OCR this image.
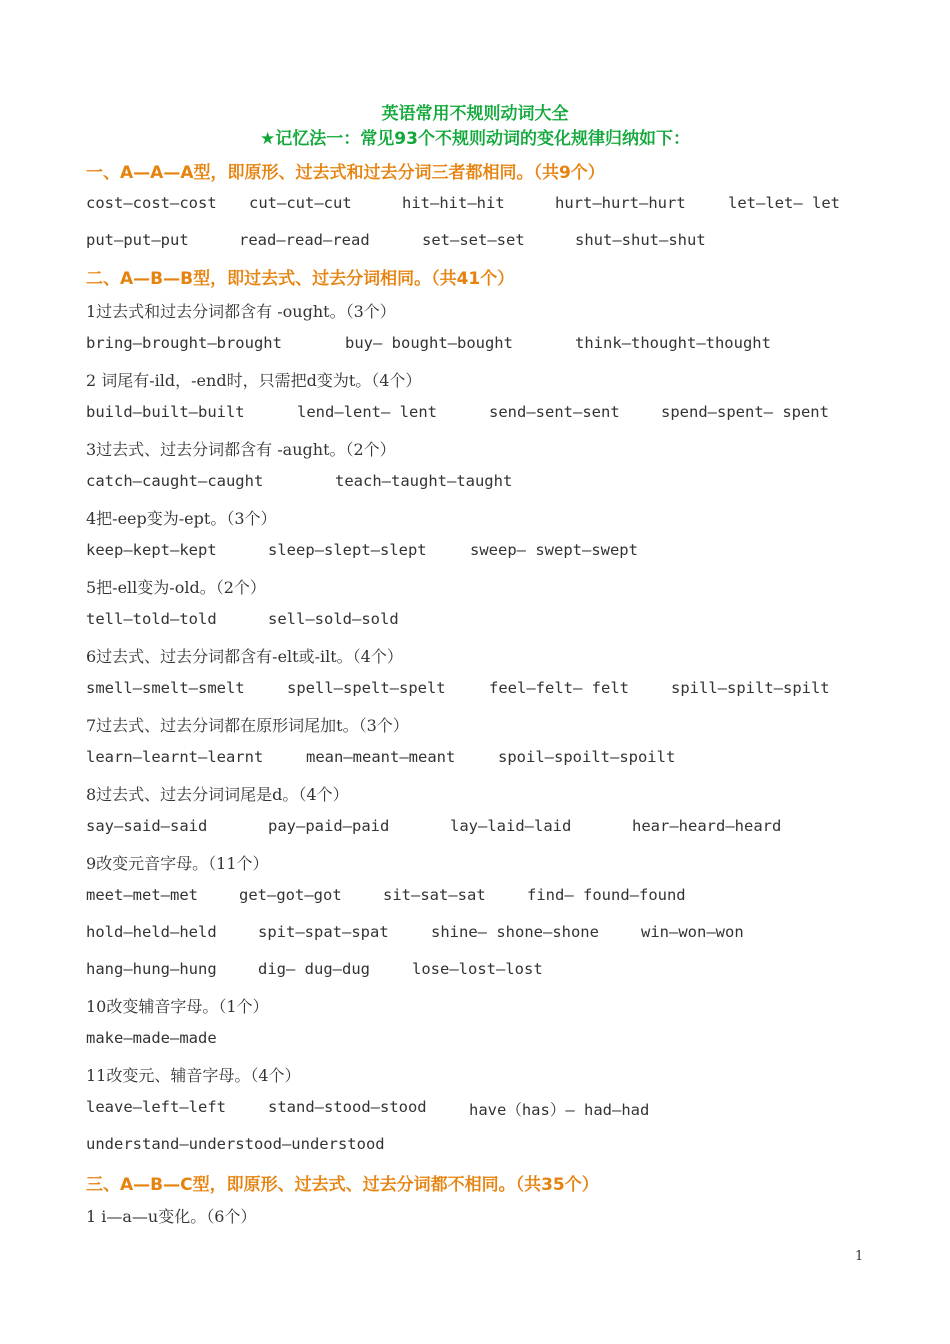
英语常用不规则动词大全
★记忆法一：常见93个不规则动词的变化规律归纳如下：
一、A—A—A型，即原形、过去式和过去分词三者都相同。（共9个）
cost—cost—cost cut—cut—cut	hit—hit—hit	hurt—hurt—hurt	let—let— let
put—put—put	read—read—read	set—set—set	shut—shut—shut
二、A—B—B型，即过去式、过去分词相同。（共41个）
1过去式和过去分词都含有 -ought。（3个）
bring—brought—brought	buy— bought—bought	think—thought—thought
2 词尾有-ild，-end时，只需把d变为t。（4个）
build—built—built	lend—lent— lent	send—sent—sent	spend—spent— spent
3过去式、过去分词都含有 -aught。（2个）
catch—caught—caught	teach—taught—taught
4把-eep变为-ept。（3个）
keep—kept—kept	sleep—slept—slept	sweep— swept—swept
5把-ell变为-old。（2个）
tell—told—told	sell—sold—sold
6过去式、过去分词都含有-elt或-ilt。（4个）
smell—smelt—smelt	spell—spelt—spelt	feel—felt— felt	spill—spilt—spilt
7过去式、过去分词都在原形词尾加t。（3个）
learn—learnt—learnt	mean—meant—meant	spoil—spoilt—spoilt
8过去式、过去分词词尾是d。（4个）
say—said—said	pay—paid—paid	lay—laid—laid	hear—heard—heard
9改变元音字母。（11个）
meet—met—met	get—got—got	sit—sat—sat	find— found—found
hold—held—held	spit—spat—spat	shine— shone—shone	win—won—won
hang—hung—hung	dig— dug—dug	lose—lost—lost
10改变辅音字母。（1个）
make—made—made
11改变元、辅音字母。（4个）
leave—left—left	stand—stood—stood	have（has）— had—had
understand—understood—understood
三、A—B—C型，即原形、过去式、过去分词都不相同。（共35个）
1 i—a—u变化。（6个）
1
